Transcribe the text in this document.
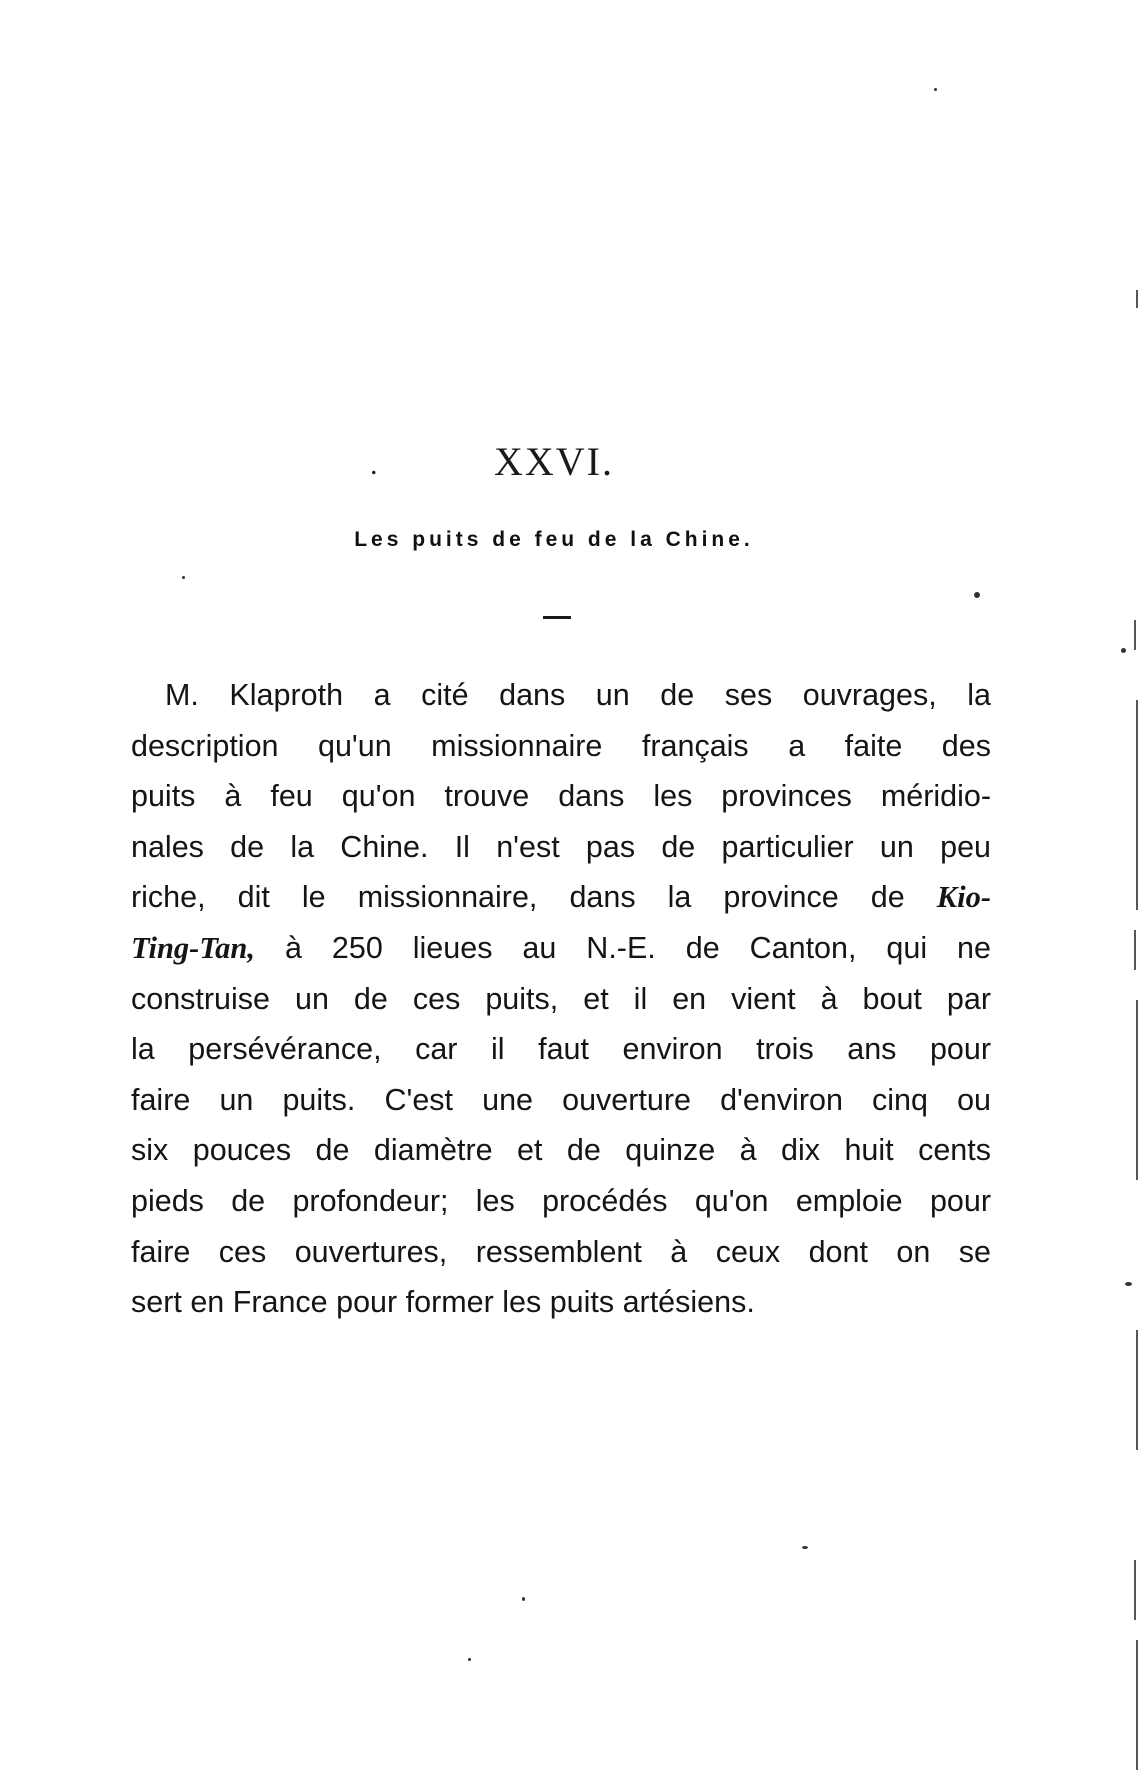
.	XXVI.
Les puits de feu de la Chine.
M. Klaproth a cité dans un de ses ouvrages, la
description qu'un missionnaire français a faite des
puits à feu qu'on trouve dans les provinces méridio-
nales de la Chine. Il n'est pas de particulier un peu
riche, dit le missionnaire, dans la province de Kio-
Ting-Tan, à 250 lieues au N.-E. de Canton, qui ne
construise un de ces puits, et il en vient à bout par
la persévérance, car il faut environ trois ans pour
faire un puits. C'est une ouverture d'environ cinq ou
six pouces de diamètre et de quinze à dix huit cents
pieds de profondeur; les procédés qu'on emploie pour
faire ces ouvertures, ressemblent à ceux dont on se
sert en France pour former les puits artésiens.
